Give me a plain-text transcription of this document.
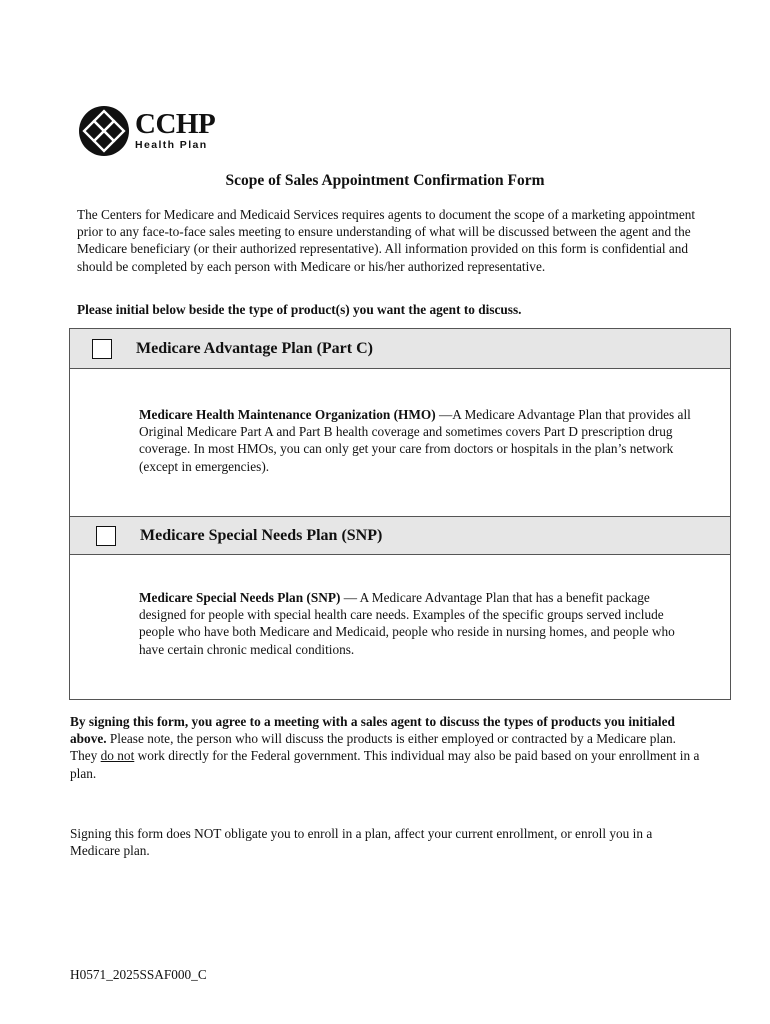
CCHP
Health Plan
Scope of Sales Appointment Confirmation Form
The Centers for Medicare and Medicaid Services requires agents to document the scope of a marketing appointment prior to any face-to-face sales meeting to ensure understanding of what will be discussed between the agent and the Medicare beneficiary (or their authorized representative). All information provided on this form is confidential and should be completed by each person with Medicare or his/her authorized representative.
Please initial below beside the type of product(s) you want the agent to discuss.
Medicare Advantage Plan (Part C)
Medicare Health Maintenance Organization (HMO) —A Medicare Advantage Plan that provides all Original Medicare Part A and Part B health coverage and sometimes covers Part D prescription drug coverage. In most HMOs, you can only get your care from doctors or hospitals in the plan’s network (except in emergencies).
Medicare Special Needs Plan (SNP)
Medicare Special Needs Plan (SNP) — A Medicare Advantage Plan that has a benefit package designed for people with special health care needs. Examples of the specific groups served include people who have both Medicare and Medicaid, people who reside in nursing homes, and people who have certain chronic medical conditions.
By signing this form, you agree to a meeting with a sales agent to discuss the types of products you initialed above. Please note, the person who will discuss the products is either employed or contracted by a Medicare plan. They do not work directly for the Federal government. This individual may also be paid based on your enrollment in a plan.
Signing this form does NOT obligate you to enroll in a plan, affect your current enrollment, or enroll you in a Medicare plan.
H0571_2025SSAF000_C
